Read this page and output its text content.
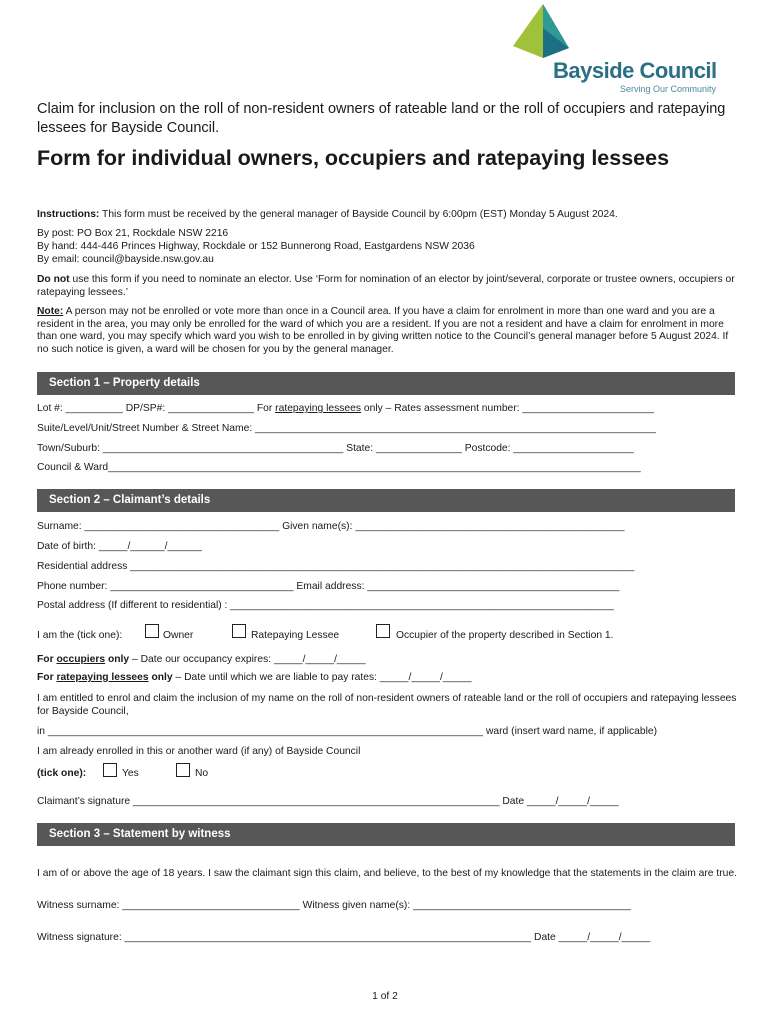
Bayside Council
Serving Our Community
Claim for inclusion on the roll of non-resident owners of rateable land or the roll of occupiers and ratepaying lessees for Bayside Council.
Form for individual owners, occupiers and ratepaying lessees
Instructions: This form must be received by the general manager of Bayside Council by 6:00pm (EST) Monday 5 August 2024.
By post: PO Box 21, Rockdale NSW 2216
By hand: 444-446 Princes Highway, Rockdale or 152 Bunnerong Road, Eastgardens NSW 2036
By email: council@bayside.nsw.gov.au
Do not use this form if you need to nominate an elector. Use ‘Form for nomination of an elector by joint/several, corporate or trustee owners, occupiers or ratepaying lessees.’
Note: A person may not be enrolled or vote more than once in a Council area. If you have a claim for enrolment in more than one ward and you are a resident in the area, you may only be enrolled for the ward of which you are a resident. If you are not a resident and have a claim for enrolment in more than one ward, you may specify which ward you wish to be enrolled in by giving written notice to the Council’s general manager before 5 August 2024. If no such notice is given, a ward will be chosen for you by the general manager.
Section 1 – Property details
Lot #: __________ DP/SP#: _______________ For ratepaying lessees only – Rates assessment number: _______________________
Suite/Level/Unit/Street Number & Street Name: ______________________________________________________________________
Town/Suburb: __________________________________________ State: _______________ Postcode: _____________________
Council & Ward_____________________________________________________________________________________________
Section 2 – Claimant’s details
Surname: __________________________________ Given name(s): _______________________________________________
Date of birth: _____/______/______
Residential address ________________________________________________________________________________________
Phone number: ________________________________ Email address: ____________________________________________
Postal address (If different to residential) : ___________________________________________________________________
I am the (tick one):	Owner	Ratepaying Lessee	Occupier of the property described in Section 1.
For occupiers only – Date our occupancy expires: _____/_____/_____
For ratepaying lessees only – Date until which we are liable to pay rates: _____/_____/_____
I am entitled to enrol and claim the inclusion of my name on the roll of non-resident owners of rateable land or the roll of occupiers and ratepaying lessees for Bayside Council,
in ____________________________________________________________________________ ward (insert ward name, if applicable)
I am already enrolled in this or another ward (if any) of Bayside Council
(tick one):	Yes	No
Claimant’s signature ________________________________________________________________ Date _____/_____/_____
Section 3 – Statement by witness
I am of or above the age of 18 years. I saw the claimant sign this claim, and believe, to the best of my knowledge that the statements in the claim are true.
Witness surname: _______________________________ Witness given name(s): ______________________________________
Witness signature: _______________________________________________________________________ Date _____/_____/_____
1 of 2
